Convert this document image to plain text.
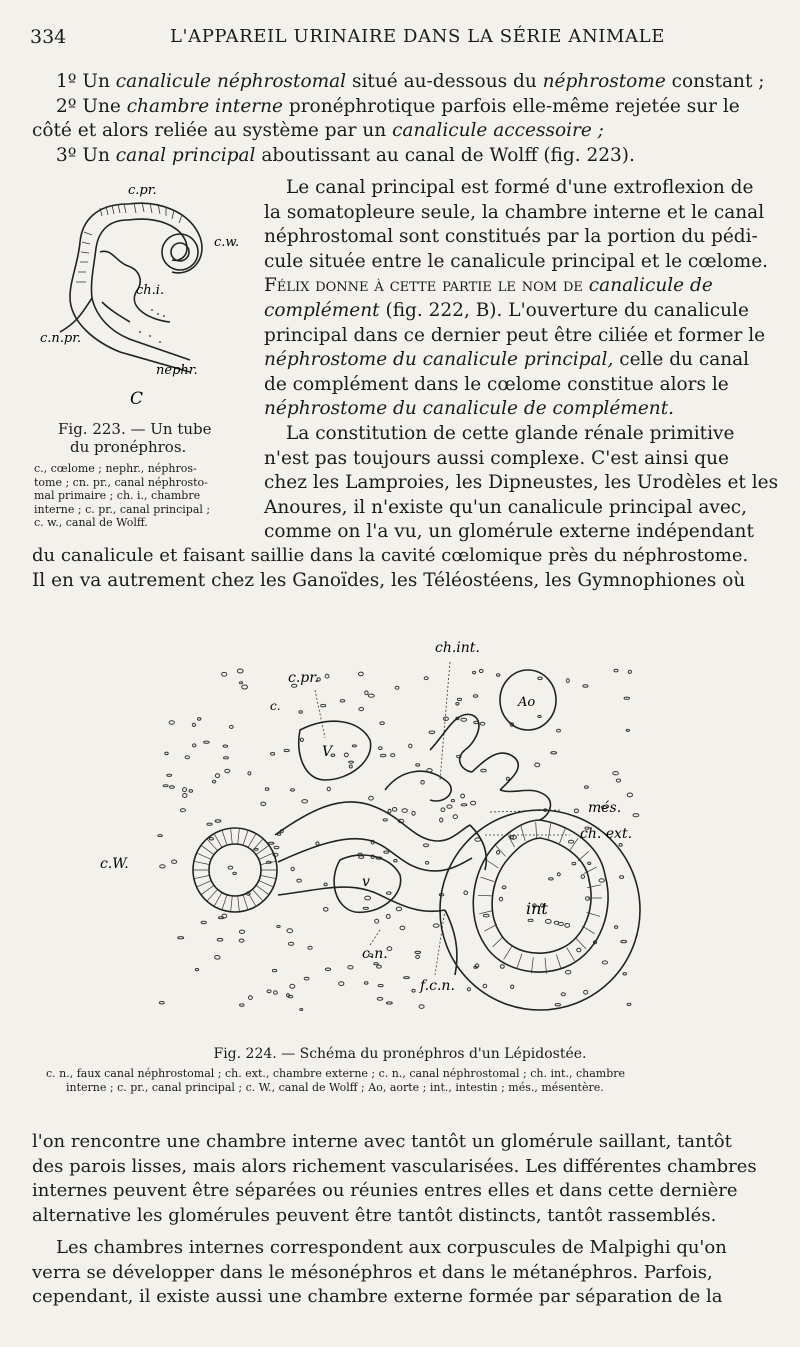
334	L'APPAREIL URINAIRE DANS LA SÉRIE ANIMALE
1º Un canalicule néphrostomal situé au-dessous du néphrostome constant ;
2º Une chambre interne pronéphrotique parfois elle-même rejetée sur le
côté et alors reliée au système par un canalicule accessoire ;
3º Un canal principal aboutissant au canal de Wolff (fig. 223).
c.pr.
c.w.
ch.i.
c.n.pr.
nephr.
C
Fig. 223. — Un tube
du pronéphros.
c., cœlome ; nephr., néphros-
tome ; cn. pr., canal néphrosto-
mal primaire ; ch. i., chambre
interne ; c. pr., canal principal ;
c. w., canal de Wolff.
Le canal principal est formé d'une extroflexion de
la somatopleure seule, la chambre interne et le canal
néphrostomal sont constitués par la portion du pédi-
cule située entre le canalicule principal et le cœlome.
Félix donne à cette partie le nom de canalicule de
complément (fig. 222, B). L'ouverture du canalicule
principal dans ce dernier peut être ciliée et former le
néphrostome du canalicule principal, celle du canal
de complément dans le cœlome constitue alors le
néphrostome du canalicule de complément.
La constitution de cette glande rénale primitive
n'est pas toujours aussi complexe. C'est ainsi que
chez les Lamproies, les Dipneustes, les Urodèles et les
Anoures, il n'existe qu'un canalicule principal avec,
comme on l'a vu, un glomérule externe indépendant
du canalicule et faisant saillie dans la cavité cœlomique près du néphrostome.
Il en va autrement chez les Ganoïdes, les Téléostéens, les Gymnophiones où
ch.int.
c.pr.
c.	Ao
V
v
més.
ch. ext.
c.W.
int
c.n.
f.c.n.
Fig. 224. — Schéma du pronéphros d'un Lépidostée.
c. n., faux canal néphrostomal ; ch. ext., chambre externe ; c. n., canal néphrostomal ; ch. int., chambre
interne ; c. pr., canal principal ; c. W., canal de Wolff ; Ao, aorte ; int., intestin ; més., mésentère.
l'on rencontre une chambre interne avec tantôt un glomérule saillant, tantôt
des parois lisses, mais alors richement vascularisées. Les différentes chambres
internes peuvent être séparées ou réunies entres elles et dans cette dernière
alternative les glomérules peuvent être tantôt distincts, tantôt rassemblés.
Les chambres internes correspondent aux corpuscules de Malpighi qu'on
verra se développer dans le mésonéphros et dans le métanéphros. Parfois,
cependant, il existe aussi une chambre externe formée par séparation de la
